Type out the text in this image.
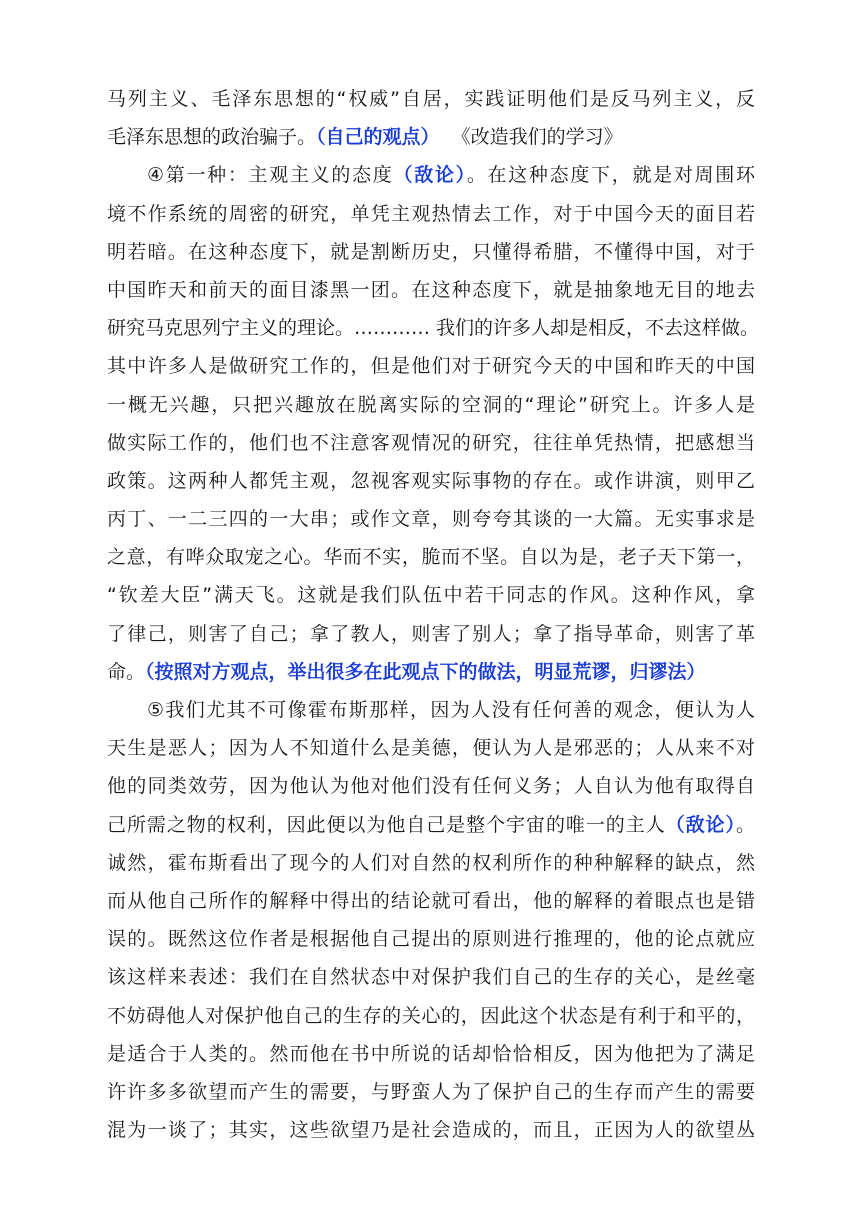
马列主义、毛泽东思想的“权威”自居，实践证明他们是反马列主义，反
毛泽东思想的政治骗子。（自己的观点） 《改造我们的学习》
④第一种：主观主义的态度（敌论）。在这种态度下，就是对周围环
境不作系统的周密的研究，单凭主观热情去工作，对于中国今天的面目若
明若暗。在这种态度下，就是割断历史，只懂得希腊，不懂得中国，对于
中国昨天和前天的面目漆黑一团。在这种态度下，就是抽象地无目的地去
研究马克思列宁主义的理论。………… 我们的许多人却是相反，不去这样做。
其中许多人是做研究工作的，但是他们对于研究今天的中国和昨天的中国
一概无兴趣，只把兴趣放在脱离实际的空洞的“理论”研究上。许多人是
做实际工作的，他们也不注意客观情况的研究，往往单凭热情，把感想当
政策。这两种人都凭主观，忽视客观实际事物的存在。或作讲演，则甲乙
丙丁、一二三四的一大串；或作文章，则夸夸其谈的一大篇。无实事求是
之意，有哗众取宠之心。华而不实，脆而不坚。自以为是，老子天下第一，
“钦差大臣”满天飞。这就是我们队伍中若干同志的作风。这种作风，拿
了律己，则害了自己；拿了教人，则害了别人；拿了指导革命，则害了革
命。（按照对方观点，举出很多在此观点下的做法，明显荒谬，归谬法）
⑤我们尤其不可像霍布斯那样，因为人没有任何善的观念，便认为人
天生是恶人；因为人不知道什么是美德，便认为人是邪恶的；人从来不对
他的同类效劳，因为他认为他对他们没有任何义务；人自认为他有取得自
己所需之物的权利，因此便以为他自己是整个宇宙的唯一的主人（敌论）。
诚然，霍布斯看出了现今的人们对自然的权利所作的种种解释的缺点，然
而从他自己所作的解释中得出的结论就可看出，他的解释的着眼点也是错
误的。既然这位作者是根据他自己提出的原则进行推理的，他的论点就应
该这样来表述：我们在自然状态中对保护我们自己的生存的关心，是丝毫
不妨碍他人对保护他自己的生存的关心的，因此这个状态是有利于和平的，
是适合于人类的。然而他在书中所说的话却恰恰相反，因为他把为了满足
许许多多欲望而产生的需要，与野蛮人为了保护自己的生存而产生的需要
混为一谈了；其实，这些欲望乃是社会造成的，而且，正因为人的欲望丛
